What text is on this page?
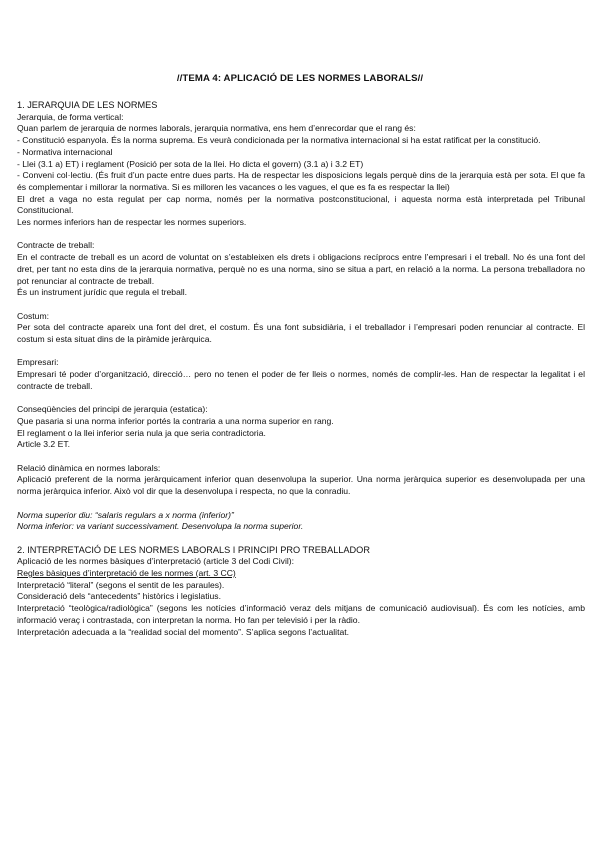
//TEMA 4: APLICACIÓ DE LES NORMES LABORALS//

1. JERARQUIA DE LES NORMES

Jerarquia, de forma vertical:

Quan parlem de jerarquia de normes laborals, jerarquia normativa, ens hem d’enrecordar que el rang és:

- Constitució espanyola. És la norma suprema. Es veurà condicionada per la normativa internacional si ha estat ratificat per la constitució.

- Normativa internacional

- Llei (3.1 a) ET) i reglament (Posició per sota de la llei. Ho dicta el govern) (3.1 a) i 3.2 ET)

- Conveni col·lectiu. (És fruit d’un pacte entre dues parts. Ha de respectar les disposicions legals perquè dins de la jerarquia està per sota. El que fa és complementar i millorar la normativa. Si es milloren les vacances o les vagues, el que es fa es respectar la llei)

El dret a vaga no esta regulat per cap norma, només per la normativa postconstitucional, i aquesta norma està interpretada pel Tribunal Constitucional.

Les normes inferiors han de respectar les normes superiors.

Contracte de treball:

En el contracte de treball es un acord de voluntat on s’estableixen els drets i obligacions recíprocs entre l’empresari i el treball. No és una font del dret, per tant no esta dins de la jerarquia normativa, perquè no es una norma, sino se situa a part, en relació a la norma. La persona treballadora no pot renunciar al contracte de treball.

És un instrument jurídic que regula el treball.

Costum:

Per sota del contracte apareix una font del dret, el costum. És una font subsidiària, i el treballador i l’empresari poden renunciar al contracte. El costum si esta situat dins de la piràmide jeràrquica.

Empresari:

Empresari té poder d’organització, direcció… pero no tenen el poder de fer lleis o normes, només de complir-les. Han de respectar la legalitat i el contracte de treball.

Conseqüències del principi de jerarquia (estatica):

Que pasaria si una norma inferior portés la contraria a una norma superior en rang.

El reglament o la llei inferior seria nula ja que seria contradictoria.

Article 3.2 ET.

Relació dinàmica en normes laborals:

Aplicació preferent de la norma jeràrquicament inferior quan desenvolupa la superior. Una norma jeràrquica superior es desenvolupada per una norma jeràrquica inferior. Això vol dir que la desenvolupa i respecta, no que la conradiu.

Norma superior diu: “salaris regulars a x norma (inferior)”

Norma inferior: va variant successivament. Desenvolupa la norma superior.

2. INTERPRETACIÓ DE LES NORMES LABORALS I PRINCIPI PRO TREBALLADOR

Aplicació de les normes bàsiques d’interpretació (article 3 del Codi Civil):

Regles bàsiques d’interpretació de les normes (art. 3 CC)

Interpretació “literal” (segons el sentit de les paraules).

Consideració dels “antecedents” històrics i legislatius.

Interpretació “teològica/radiològica” (segons les notícies d’informació veraz dels mitjans de comunicació audiovisual). És com les notícies, amb informació veraç i contrastada, con interpretan la norma. Ho fan per televisió i per la ràdio.

Interpretación adecuada a la “realidad social del momento”. S’aplica segons l’actualitat.
